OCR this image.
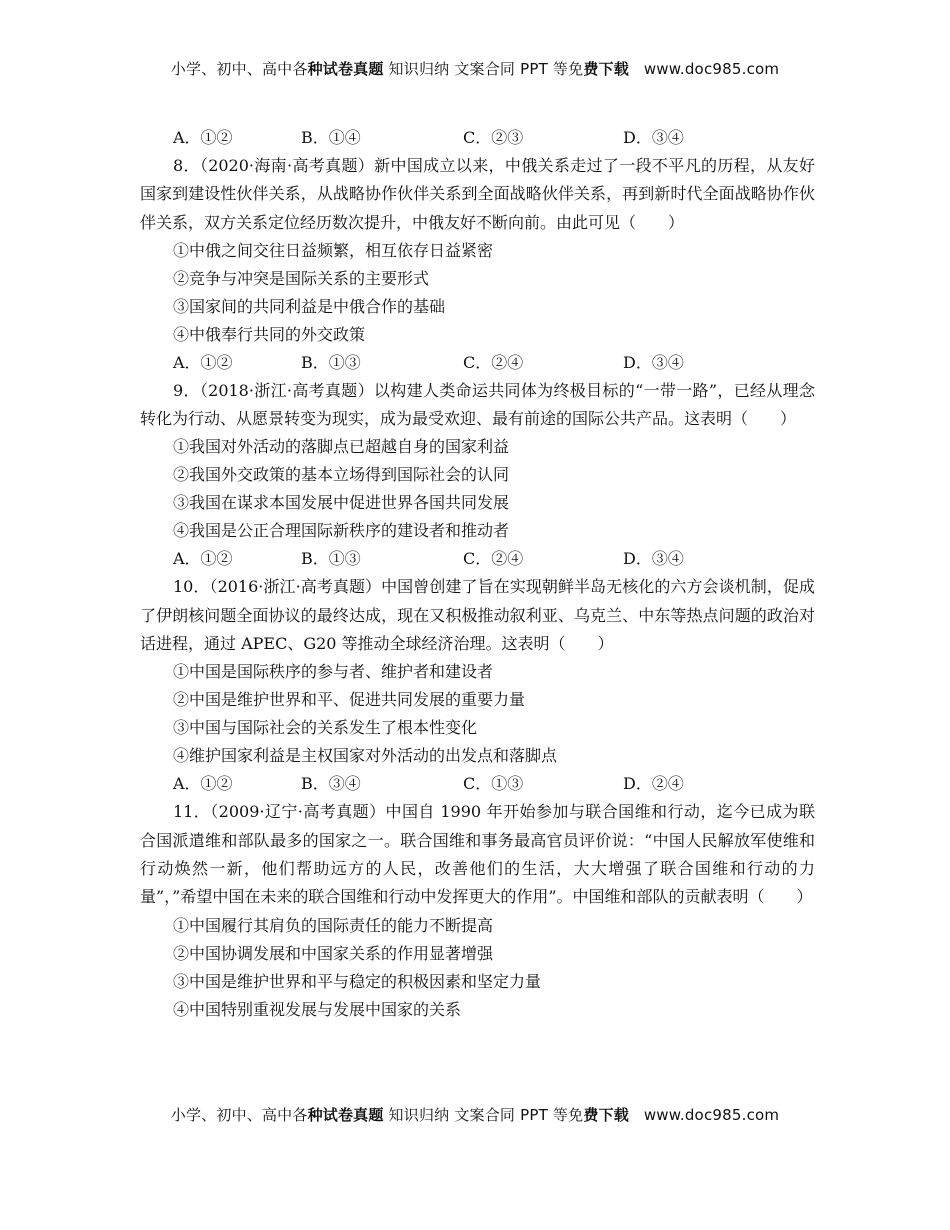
小学、初中、高中各种试卷真题 知识归纳 文案合同 PPT 等免费下载 www.doc985.com
A．①②	B．①④	C．②③	D．③④
8．（2020·海南·高考真题）新中国成立以来，中俄关系走过了一段不平凡的历程，从友好国家到建设性伙伴关系，从战略协作伙伴关系到全面战略伙伴关系，再到新时代全面战略协作伙伴关系，双方关系定位经历数次提升，中俄友好不断向前。由此可见（　　）
①中俄之间交往日益频繁，相互依存日益紧密
②竞争与冲突是国际关系的主要形式
③国家间的共同利益是中俄合作的基础
④中俄奉行共同的外交政策
A．①②	B．①③	C．②④	D．③④
9．（2018·浙江·高考真题）以构建人类命运共同体为终极目标的“一带一路”，已经从理念转化为行动、从愿景转变为现实，成为最受欢迎、最有前途的国际公共产品。这表明（　　）
①我国对外活动的落脚点已超越自身的国家利益
②我国外交政策的基本立场得到国际社会的认同
③我国在谋求本国发展中促进世界各国共同发展
④我国是公正合理国际新秩序的建设者和推动者
A．①②	B．①③	C．②④	D．③④
10．（2016·浙江·高考真题）中国曾创建了旨在实现朝鲜半岛无核化的六方会谈机制，促成了伊朗核问题全面协议的最终达成，现在又积极推动叙利亚、乌克兰、中东等热点问题的政治对话进程，通过 APEC、G20 等推动全球经济治理。这表明（　　）
①中国是国际秩序的参与者、维护者和建设者
②中国是维护世界和平、促进共同发展的重要力量
③中国与国际社会的关系发生了根本性变化
④维护国家利益是主权国家对外活动的出发点和落脚点
A．①②	B．③④	C．①③	D．②④
11．（2009·辽宁·高考真题）中国自 1990 年开始参加与联合国维和行动，迄今已成为联合国派遣维和部队最多的国家之一。联合国维和事务最高官员评价说：“中国人民解放军使维和行动焕然一新，他们帮助远方的人民，改善他们的生活，大大增强了联合国维和行动的力量”，”希望中国在未来的联合国维和行动中发挥更大的作用”。中国维和部队的贡献表明（　　）
①中国履行其肩负的国际责任的能力不断提高
②中国协调发展和中国家关系的作用显著增强
③中国是维护世界和平与稳定的积极因素和坚定力量
④中国特别重视发展与发展中国家的关系
小学、初中、高中各种试卷真题 知识归纳 文案合同 PPT 等免费下载 www.doc985.com
